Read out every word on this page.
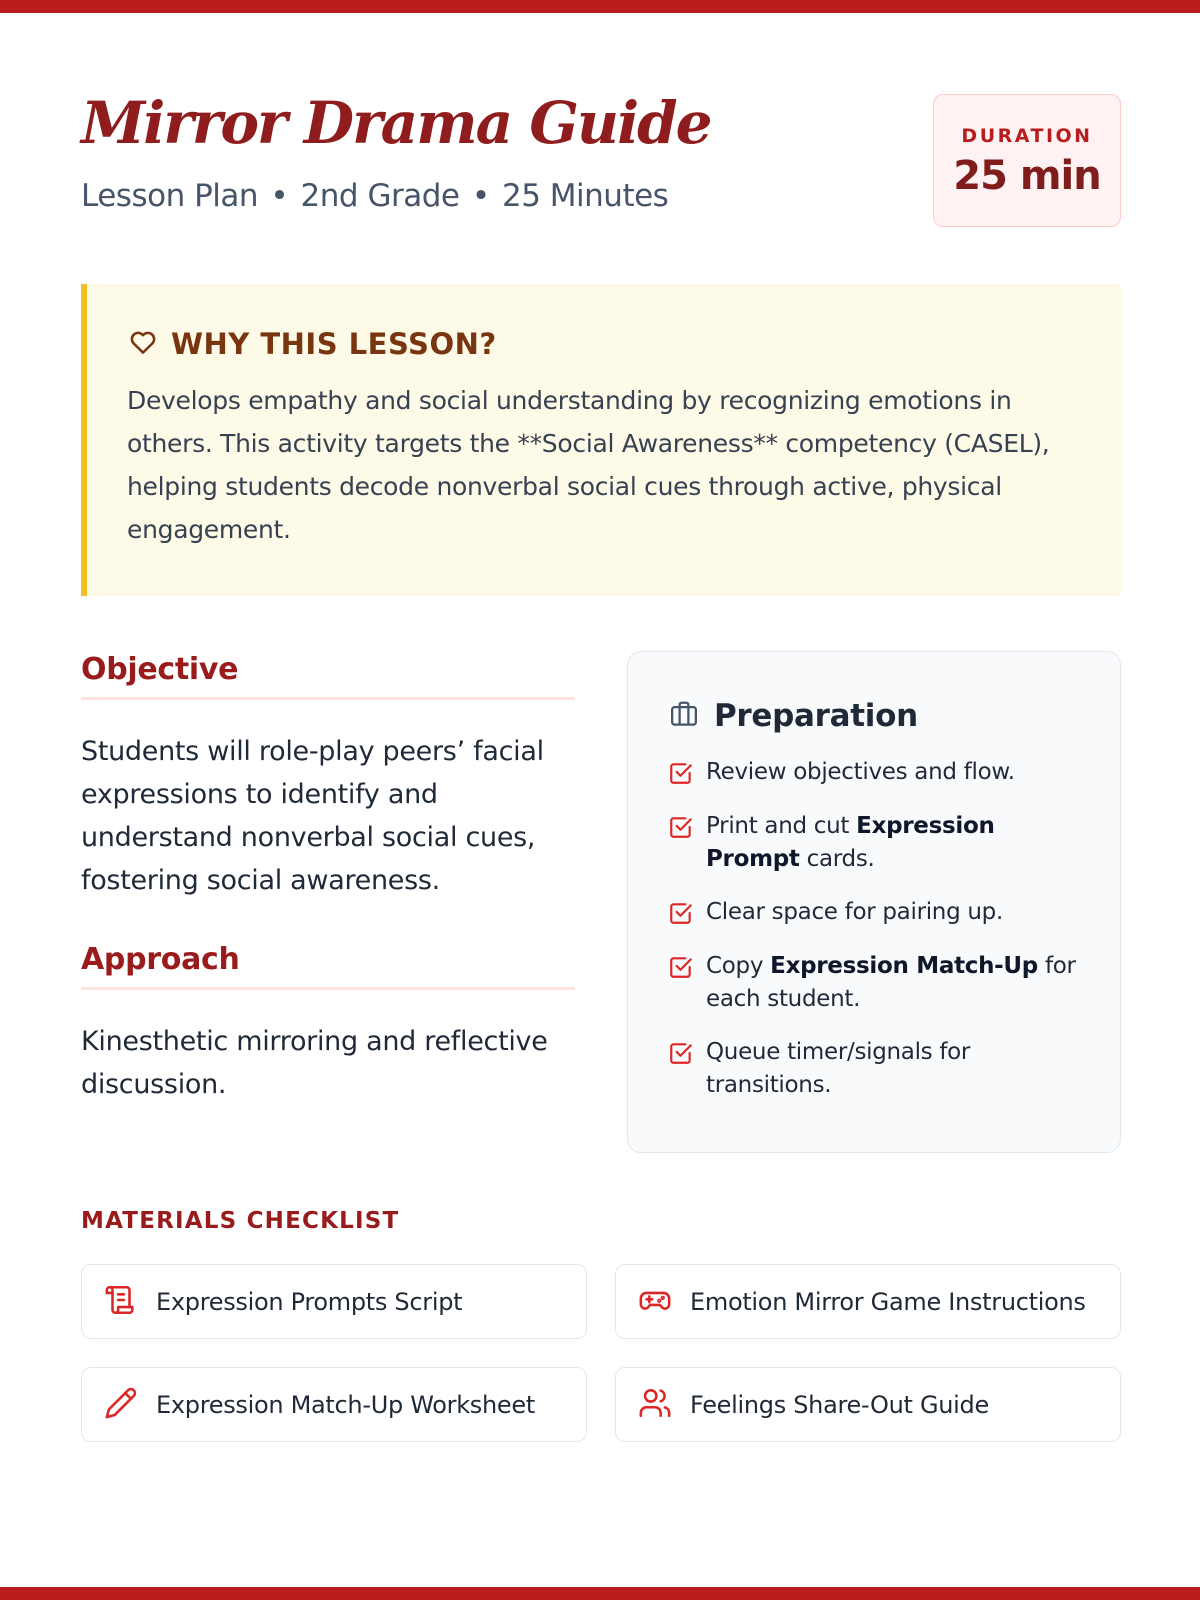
Mirror Drama Guide
Lesson Plan • 2nd Grade • 25 Minutes
DURATION
25 min
WHY THIS LESSON?
Develops empathy and social understanding by recognizing emotions in others. This activity targets the **Social Awareness** competency (CASEL), helping students decode nonverbal social cues through active, physical engagement.
Objective
Students will role-play peers’ facial expressions to identify and understand nonverbal social cues, fostering social awareness.
Approach
Kinesthetic mirroring and reflective discussion.
Preparation
Review objectives and flow.
Print and cut Expression Prompt cards.
Clear space for pairing up.
Copy Expression Match-Up for each student.
Queue timer/signals for transitions.
MATERIALS CHECKLIST
Expression Prompts Script	Emotion Mirror Game Instructions
Expression Match-Up Worksheet	Feelings Share-Out Guide
